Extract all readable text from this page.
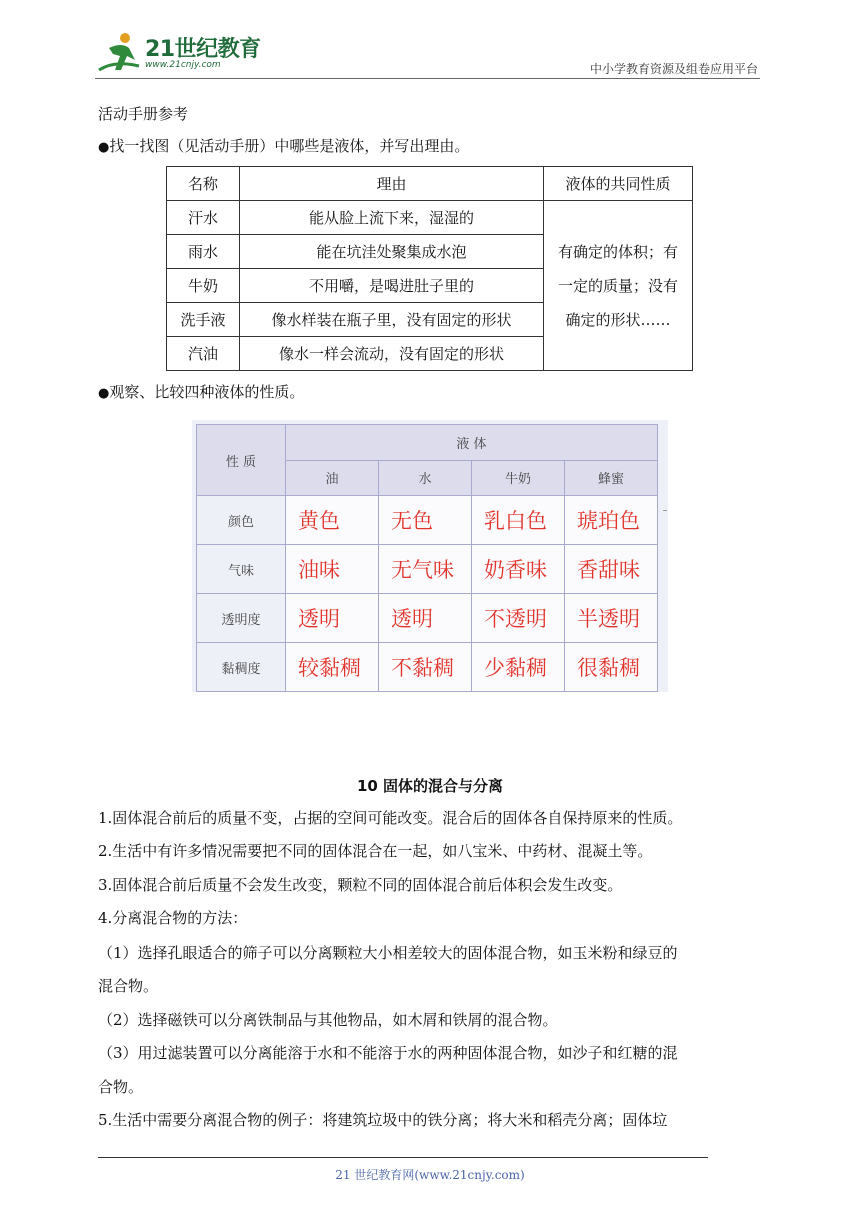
21世纪教育
www.21cnjy.com	中小学教育资源及组卷应用平台
活动手册参考
●找一找图（见活动手册）中哪些是液体，并写出理由。
名称	理由	液体的共同性质
汗水	能从脸上流下来，湿湿的	有确定的体积；有
一定的质量；没有
确定的形状……

雨水	能在坑洼处聚集成水泡	
牛奶	不用嚼，是喝进肚子里的	
洗手液	像水样装在瓶子里，没有固定的形状	
汽油	像水一样会流动，没有固定的形状	
●观察、比较四种液体的性质。
性 质	液 体			
	油	水	牛奶	蜂蜜
颜色	黄色	无色	乳白色	琥珀色
气味	油味	无气味	奶香味	香甜味
透明度	透明	透明	不透明	半透明
黏稠度	较黏稠	不黏稠	少黏稠	很黏稠
10 固体的混合与分离
1.固体混合前后的质量不变，占据的空间可能改变。混合后的固体各自保持原来的性质。
2.生活中有许多情况需要把不同的固体混合在一起，如八宝米、中药材、混凝土等。
3.固体混合前后质量不会发生改变，颗粒不同的固体混合前后体积会发生改变。
4.分离混合物的方法：
（1）选择孔眼适合的筛子可以分离颗粒大小相差较大的固体混合物，如玉米粉和绿豆的
混合物。
（2）选择磁铁可以分离铁制品与其他物品，如木屑和铁屑的混合物。
（3）用过滤装置可以分离能溶于水和不能溶于水的两种固体混合物，如沙子和红糖的混
合物。
5.生活中需要分离混合物的例子：将建筑垃圾中的铁分离；将大米和稻壳分离；固体垃
21 世纪教育网(www.21cnjy.com)
